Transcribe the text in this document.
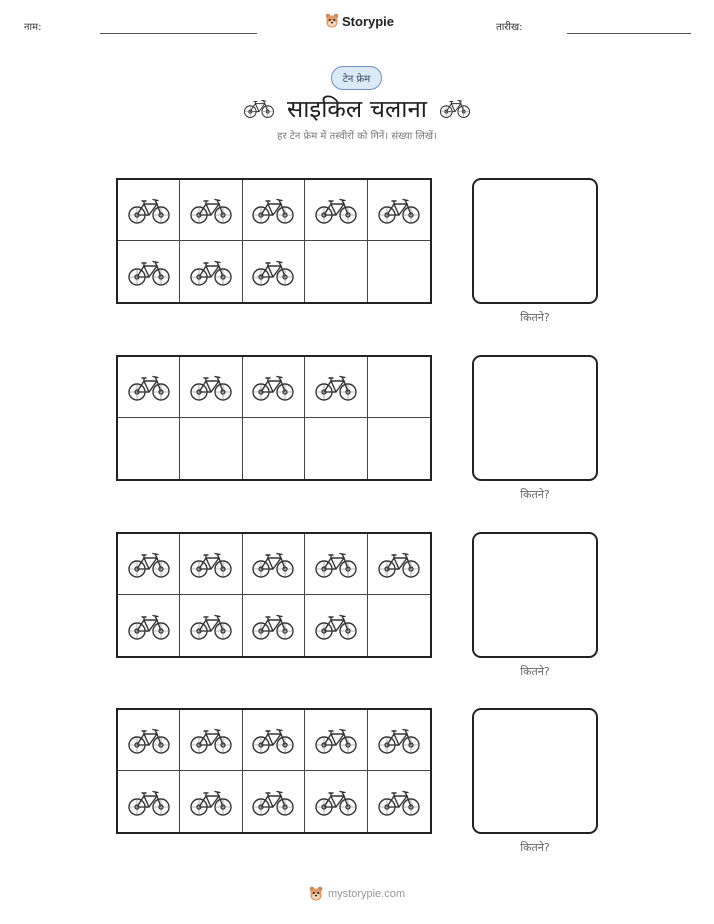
नाम:	Storypie	तारीख:
टेन फ्रेम
साइकिल चलाना
हर टेन फ्रेम में तस्वीरों को गिनें। संख्या लिखें।
कितने?
कितने?
कितने?
कितने?
mystorypie.com
